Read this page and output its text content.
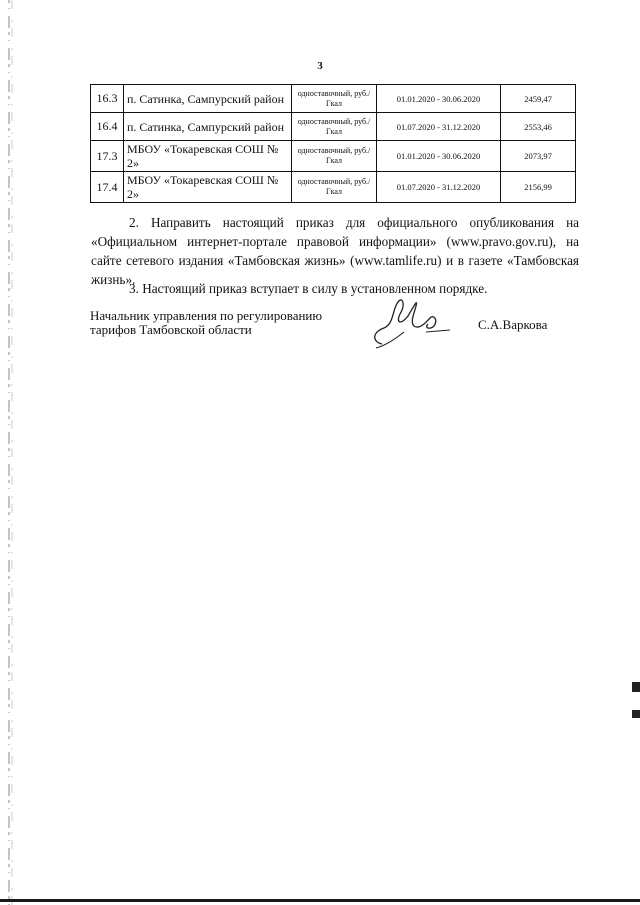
3
16.3	п. Сатинка, Сампурский район	одноставочный, руб./Гкал	01.01.2020 - 30.06.2020	2459,47
16.4	п. Сатинка, Сампурский район	одноставочный, руб./Гкал	01.07.2020 - 31.12.2020	2553,46
17.3	МБОУ «Токаревская СОШ № 2»	одноставочный, руб./Гкал	01.01.2020 - 30.06.2020	2073,97
17.4	МБОУ «Токаревская СОШ № 2»	одноставочный, руб./Гкал	01.07.2020 - 31.12.2020	2156,99

2. Направить настоящий приказ для официального опубликования на «Официальном интернет-портале правовой информации» (www.pravo.gov.ru), на сайте сетевого издания «Тамбовская жизнь» (www.tamlife.ru) и в газете «Тамбовская жизнь».

3. Настоящий приказ вступает в силу в установленном порядке.

Начальник управления по регулированию
тарифов Тамбовской области	С.А.Варкова
